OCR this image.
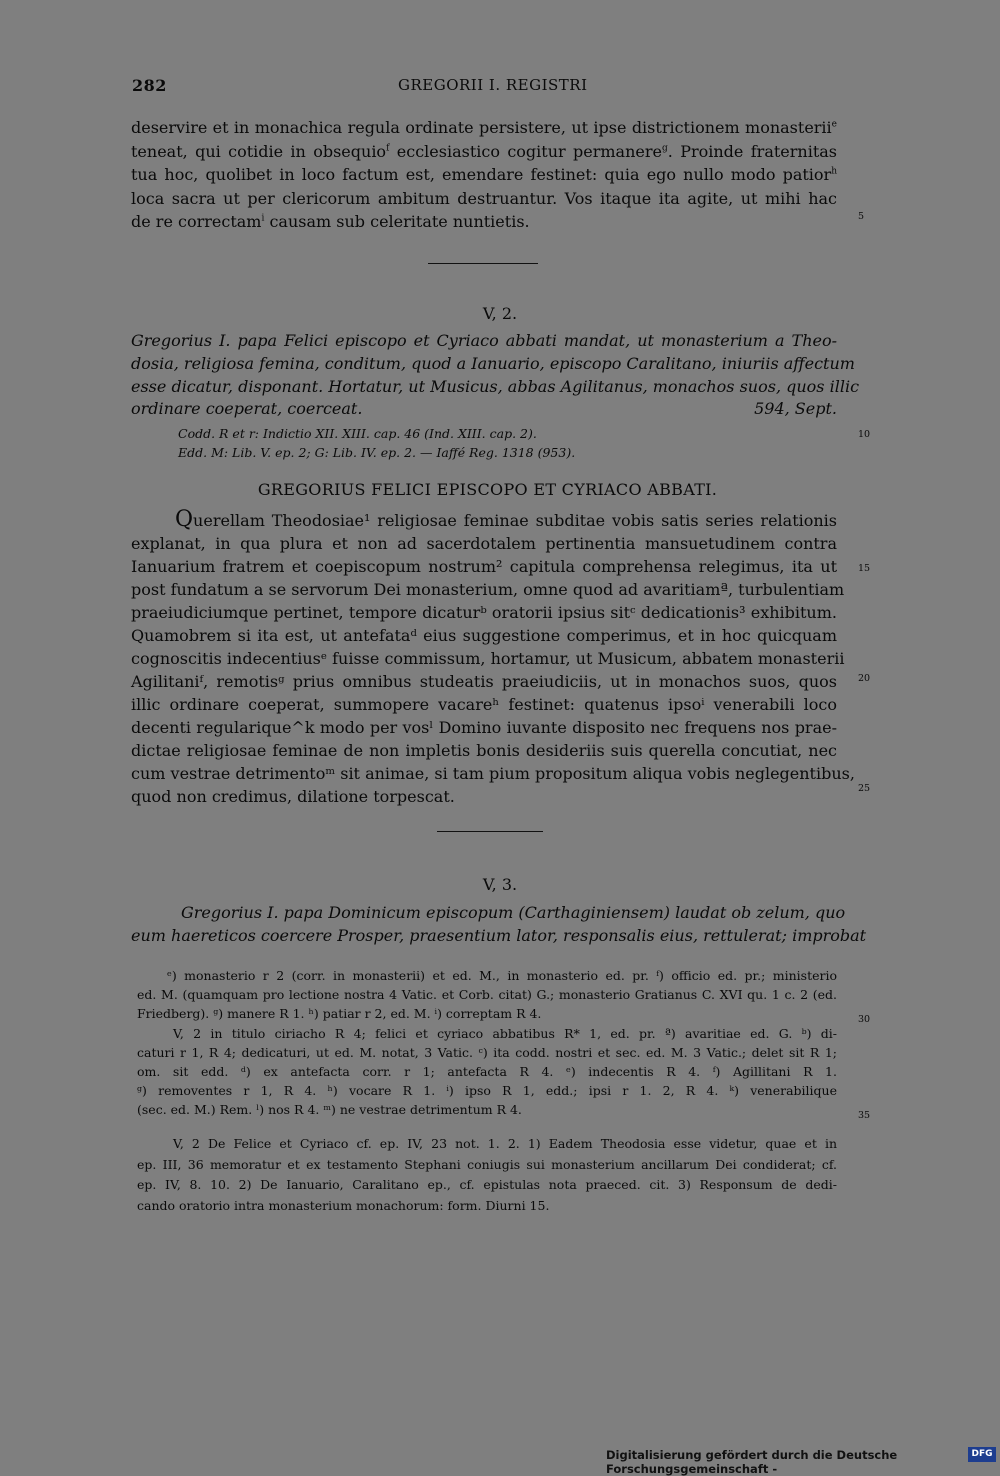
282	GREGORII I. REGISTRI
deservire et in monachica regula ordinate persistere, ut ipse districtionem monasterii$^e$
teneat, qui cotidie in obsequio$^f$ ecclesiastico cogitur permanere$^g$. Proinde fraternitas
tua hoc, quolibet in loco factum est, emendare festinet: quia ego nullo modo patior$^h$
loca sacra ut per clericorum ambitum destruantur. Vos itaque ita agite, ut mihi hac
de re correctam$^i$ causam sub celeritate nuntietis.	5
V, 2.
Gregorius I. papa Felici episcopo et Cyriaco abbati mandat, ut monasterium a Theo-
dosia, religiosa femina, conditum, quod a Ianuario, episcopo Caralitano, iniuriis affectum
esse dicatur, disponant. Hortatur, ut Musicus, abbas Agilitanus, monachos suos, quos illic
ordinare coeperat, coerceat.	594, Sept.
Codd. R et r: Indictio XII. XIII. cap. 46 (Ind. XIII. cap. 2).
Edd. M: Lib. V. ep. 2; G: Lib. IV. ep. 2. — Iaffé Reg. 1318 (953).
10
GREGORIUS FELICI EPISCOPO ET CYRIACO ABBATI.
Querellam Theodosiae¹ religiosae feminae subditae vobis satis series relationis
explanat, in qua plura et non ad sacerdotalem pertinentia mansuetudinem contra
Ianuarium fratrem et coepiscopum nostrum² capitula comprehensa relegimus, ita ut
post fundatum a se servorum Dei monasterium, omne quod ad avaritiamª, turbulentiam
praeiudiciumque pertinet, tempore dicaturᵇ oratorii ipsius sitᶜ dedicationis³ exhibitum.
Quamobrem si ita est, ut antefataᵈ eius suggestione comperimus, et in hoc quicquam
cognoscitis indecentiusᵉ fuisse commissum, hortamur, ut Musicum, abbatem monasterii
Agilitaniᶠ, remotisᵍ prius omnibus studeatis praeiudiciis, ut in monachos suos, quos
illic ordinare coeperat, summopere vacareʰ festinet: quatenus ipsoⁱ venerabili loco
decenti regularique^k modo per vosˡ Domino iuvante disposito nec frequens nos prae-
dictae religiosae feminae de non impletis bonis desideriis suis querella concutiat, nec
cum vestrae detrimentoᵐ sit animae, si tam pium propositum aliqua vobis neglegentibus,
quod non credimus, dilatione torpescat.
15
20
25
V, 3.
Gregorius I. papa Dominicum episcopum (Carthaginiensem) laudat ob zelum, quo
eum haereticos coercere Prosper, praesentium lator, responsalis eius, rettulerat; improbat
ᵉ) monasterio r 2 (corr. in monasterii) et ed. M., in monasterio ed. pr. ᶠ) officio ed. pr.; ministerio
ed. M. (quamquam pro lectione nostra 4 Vatic. et Corb. citat) G.; monasterio Gratianus C. XVI qu. 1 c. 2 (ed.
Friedberg). ᵍ) manere R 1. ʰ) patiar r 2, ed. M. ⁱ) correptam R 4.
V, 2 in titulo ciriacho R 4; felici et cyriaco abbatibus R* 1, ed. pr. ª) avaritiae ed. G. ᵇ) di-
caturi r 1, R 4; dedicaturi, ut ed. M. notat, 3 Vatic. ᶜ) ita codd. nostri et sec. ed. M. 3 Vatic.; delet sit R 1;
om. sit edd. ᵈ) ex antefacta corr. r 1; antefacta R 4. ᵉ) indecentis R 4. ᶠ) Agillitani R 1.
ᵍ) removentes r 1, R 4. ʰ) vocare R 1. ⁱ) ipso R 1, edd.; ipsi r 1. 2, R 4. ᵏ) venerabilique
(sec. ed. M.) Rem. ˡ) nos R 4. ᵐ) ne vestrae detrimentum R 4.
30
35
V, 2 De Felice et Cyriaco cf. ep. IV, 23 not. 1. 2. 1) Eadem Theodosia esse videtur, quae et in
ep. III, 36 memoratur et ex testamento Stephani coniugis sui monasterium ancillarum Dei condiderat; cf.
ep. IV, 8. 10. 2) De Ianuario, Caralitano ep., cf. epistulas nota praeced. cit. 3) Responsum de dedi-
cando oratorio intra monasterium monachorum: form. Diurni 15.
Digitalisierung gefördert durch die Deutsche Forschungsgemeinschaft -
DFG
